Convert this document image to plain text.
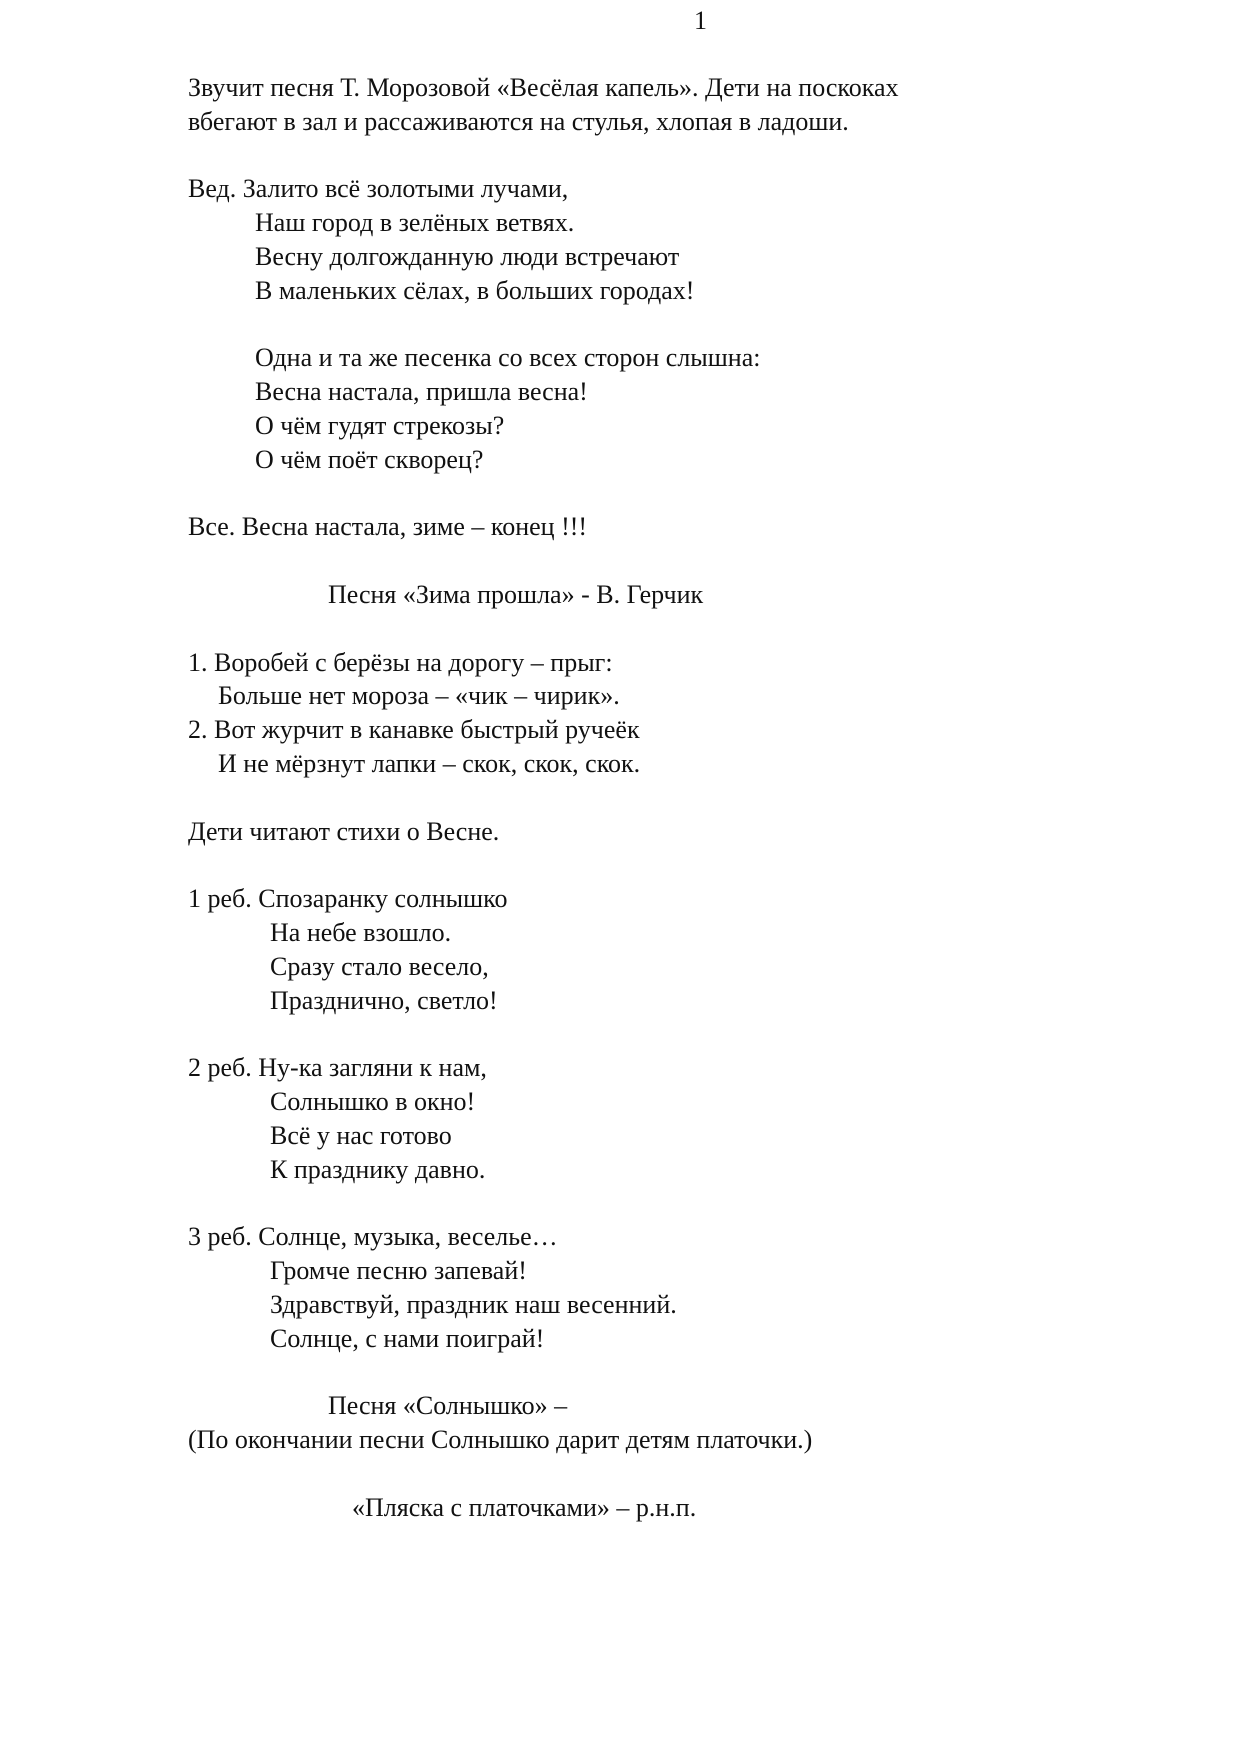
1
Звучит песня Т. Морозовой «Весёлая капель». Дети на поскоках
вбегают в зал и рассаживаются на стулья, хлопая в ладоши.
Вед. Залито всё золотыми лучами,
Наш город в зелёных ветвях.
Весну долгожданную люди встречают
В маленьких сёлах, в больших городах!
Одна и та же песенка со всех сторон слышна:
Весна настала, пришла весна!
О чём гудят стрекозы?
О чём поёт скворец?
Все. Весна настала, зиме – конец !!!
Песня «Зима прошла» - В. Герчик
1. Воробей с берёзы на дорогу – прыг:
Больше нет мороза – «чик – чирик».
2. Вот журчит в канавке быстрый ручеёк
И не мёрзнут лапки – скок, скок, скок.
Дети читают стихи о Весне.
1 реб. Спозаранку солнышко
На небе взошло.
Сразу стало весело,
Празднично, светло!
2 реб. Ну-ка загляни к нам,
Солнышко в окно!
Всё у нас готово
К празднику давно.
3 реб. Солнце, музыка, веселье…
Громче песню запевай!
Здравствуй, праздник наш весенний.
Солнце, с нами поиграй!
Песня «Солнышко» –
(По окончании песни Солнышко дарит детям платочки.)
«Пляска с платочками» – р.н.п.
